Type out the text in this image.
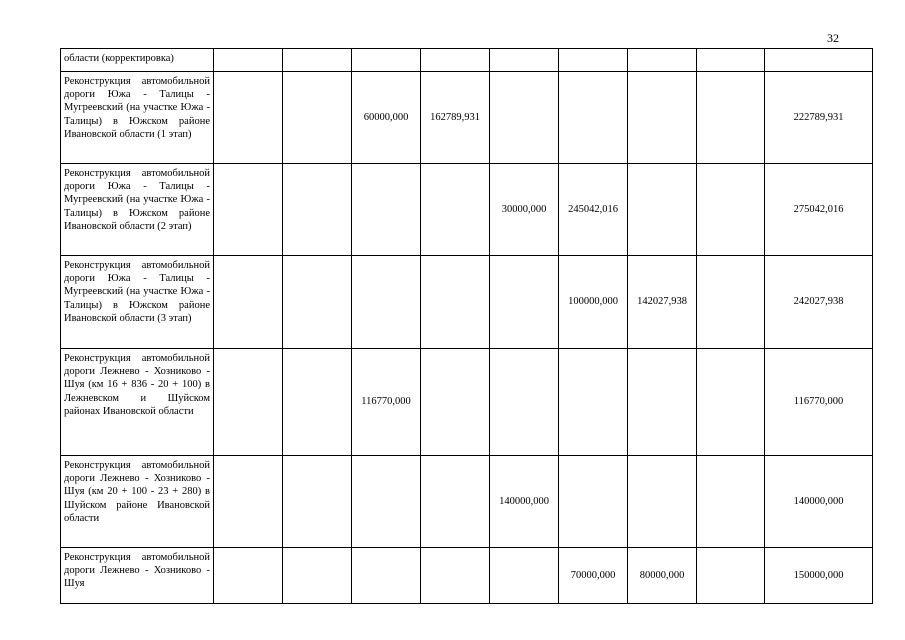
32
области (корректировка)									
Реконструкция автомобильной дороги Южа - Талицы - Мугреевский (на участке Южа - Талицы) в Южском районе Ивановской области (1 этап)			60000,000	162789,931					222789,931
Реконструкция автомобильной дороги Южа - Талицы - Мугреевский (на участке Южа - Талицы) в Южском районе Ивановской области (2 этап)					30000,000	245042,016			275042,016
Реконструкция автомобильной дороги Южа - Талицы - Мугреевский (на участке Южа - Талицы) в Южском районе Ивановской области (3 этап)						100000,000	142027,938		242027,938
Реконструкция автомобильной дороги Лежнево - Хозниково - Шуя (км 16 + 836 - 20 + 100) в Лежневском и Шуйском районах Ивановской области			116770,000						116770,000
Реконструкция автомобильной дороги Лежнево - Хозниково - Шуя (км 20 + 100 - 23 + 280) в Шуйском районе Ивановской области					140000,000				140000,000
Реконструкция автомобильной дороги Лежнево - Хозниково - Шуя						70000,000	80000,000		150000,000
